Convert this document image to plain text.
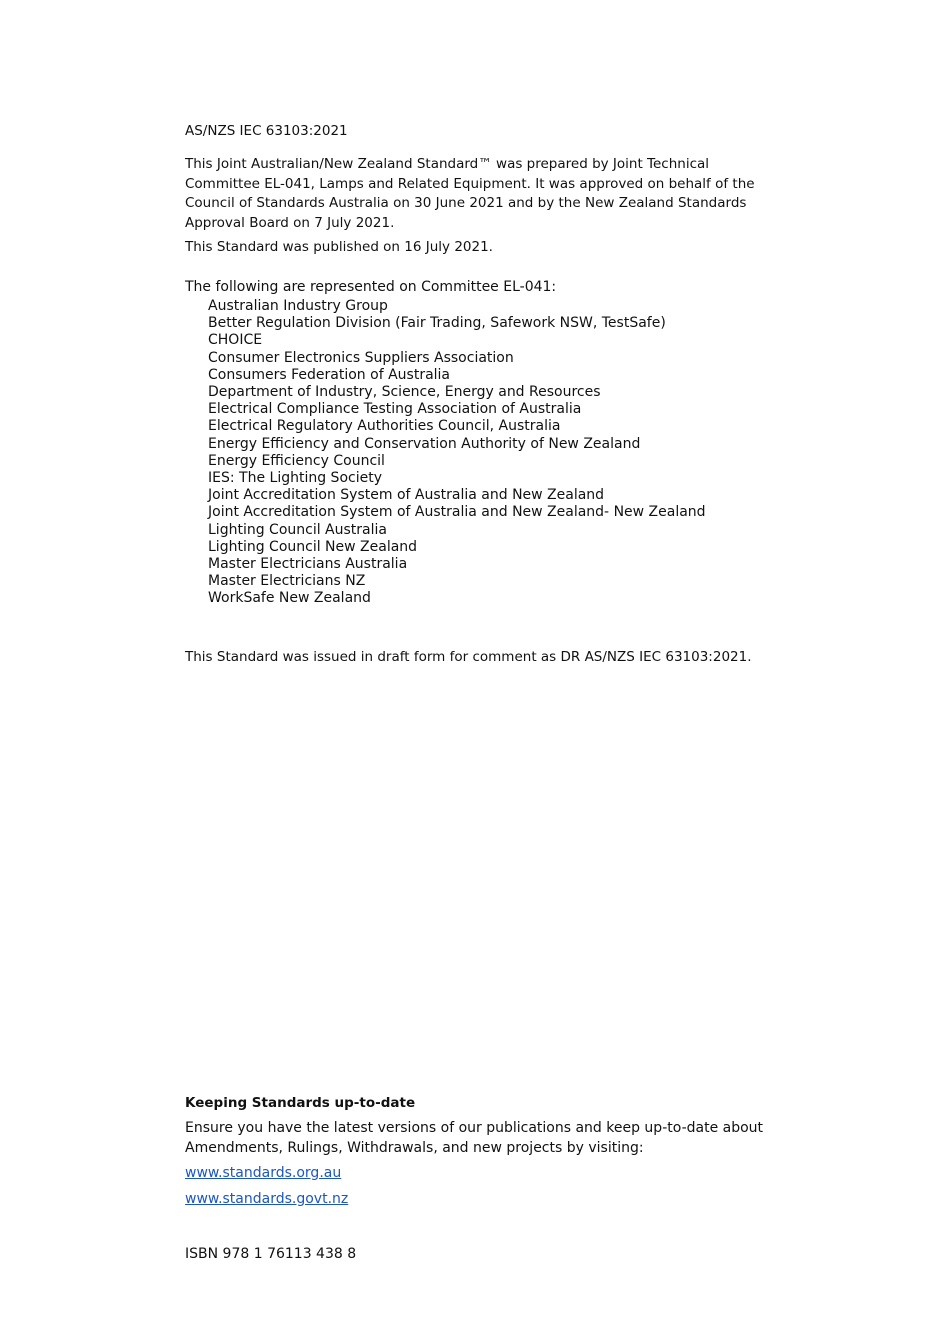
AS/NZS IEC 63103:2021
This Joint Australian/New Zealand Standard™ was prepared by Joint Technical Committee EL-041, Lamps and Related Equipment. It was approved on behalf of the Council of Standards Australia on 30 June 2021 and by the New Zealand Standards Approval Board on 7 July 2021.
This Standard was published on 16 July 2021.
The following are represented on Committee EL-041:
Australian Industry Group
Better Regulation Division (Fair Trading, Safework NSW, TestSafe)
CHOICE
Consumer Electronics Suppliers Association
Consumers Federation of Australia
Department of Industry, Science, Energy and Resources
Electrical Compliance Testing Association of Australia
Electrical Regulatory Authorities Council, Australia
Energy Efficiency and Conservation Authority of New Zealand
Energy Efficiency Council
IES: The Lighting Society
Joint Accreditation System of Australia and New Zealand
Joint Accreditation System of Australia and New Zealand- New Zealand
Lighting Council Australia
Lighting Council New Zealand
Master Electricians Australia
Master Electricians NZ
WorkSafe New Zealand
This Standard was issued in draft form for comment as DR AS/NZS IEC 63103:2021.
Keeping Standards up-to-date
Ensure you have the latest versions of our publications and keep up-to-date about Amendments, Rulings, Withdrawals, and new projects by visiting:
www.standards.org.au
www.standards.govt.nz
ISBN 978 1 76113 438 8
